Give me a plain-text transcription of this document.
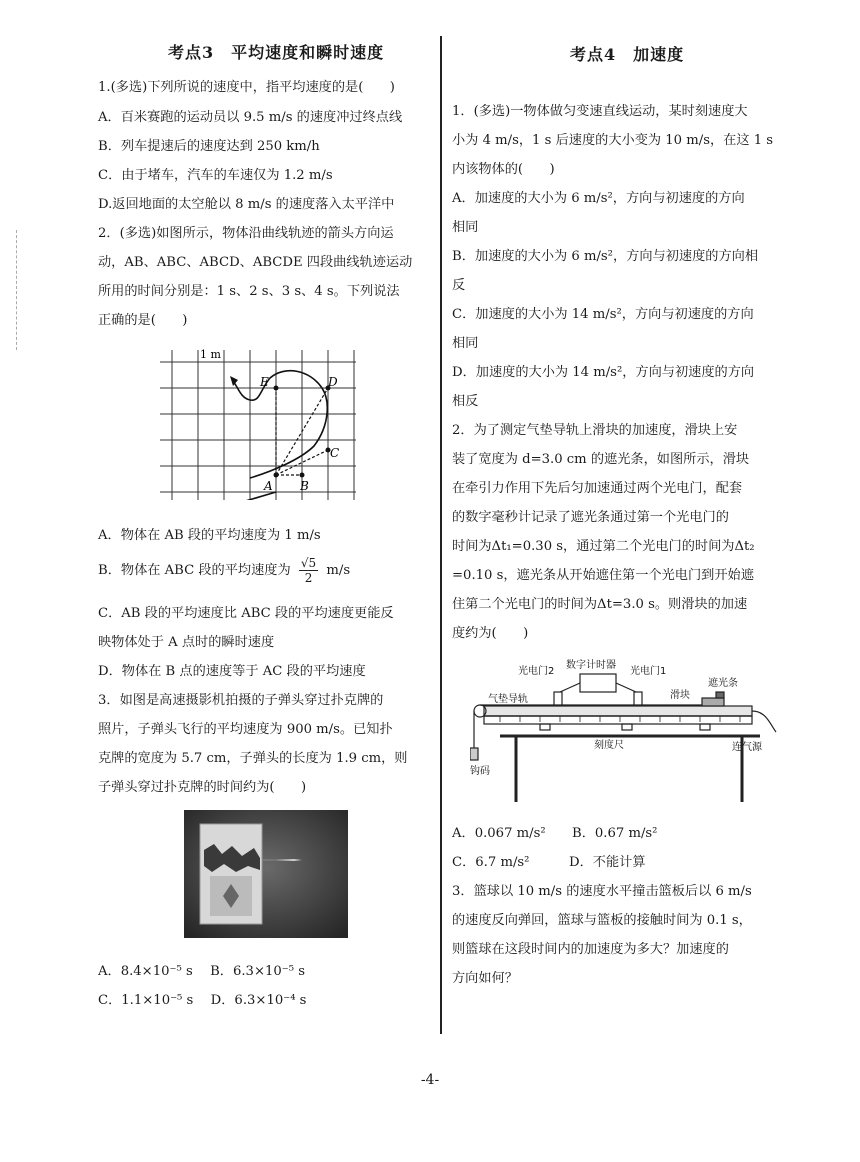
考点3　平均速度和瞬时速度
1.(多选)下列所说的速度中，指平均速度的是(　　)
A．百米赛跑的运动员以 9.5 m/s 的速度冲过终点线
B．列车提速后的速度达到 250 km/h
C．由于堵车，汽车的车速仅为 1.2 m/s
D.返回地面的太空舱以 8 m/s 的速度落入太平洋中
2．(多选)如图所示，物体沿曲线轨迹的箭头方向运
动，AB、ABC、ABCD、ABCDE 四段曲线轨迹运动
所用的时间分别是：1 s、2 s、3 s、4 s。下列说法
正确的是(　　)
1 m
A B
C
D
E
A．物体在 AB 段的平均速度为 1 m/s
B．物体在 ABC 段的平均速度为 $\frac{√5}{2} m/s$
C．AB 段的平均速度比 ABC 段的平均速度更能反
映物体处于 A 点时的瞬时速度
D．物体在 B 点的速度等于 AC 段的平均速度
3．如图是高速摄影机拍摄的子弹头穿过扑克牌的
照片，子弹头飞行的平均速度为 900 m/s。已知扑
克牌的宽度为 5.7 cm，子弹头的长度为 1.9 cm，则
子弹头穿过扑克牌的时间约为(　　)
A．8.4×10⁻⁵ s　 B．6.3×10⁻⁵ s
C．1.1×10⁻⁵ s　 D．6.3×10⁻⁴ s
考点4　加速度
1．(多选)一物体做匀变速直线运动，某时刻速度大
小为 4 m/s，1 s 后速度的大小变为 10 m/s，在这 1 s
内该物体的(　　)
A．加速度的大小为 6 m/s²，方向与初速度的方向
相同
B．加速度的大小为 6 m/s²，方向与初速度的方向相
反
C．加速度的大小为 14 m/s²，方向与初速度的方向
相同
D．加速度的大小为 14 m/s²，方向与初速度的方向
相反
2．为了测定气垫导轨上滑块的加速度，滑块上安
装了宽度为 d=3.0 cm 的遮光条，如图所示，滑块
在牵引力作用下先后匀加速通过两个光电门，配套
的数字毫秒计记录了遮光条通过第一个光电门的
时间为Δt₁=0.30 s，通过第二个光电门的时间为Δt₂
=0.10 s，遮光条从开始遮住第一个光电门到开始遮
住第二个光电门的时间为Δt=3.0 s。则滑块的加速
度约为(　　)
光电门2
数字计时器
光电门1
气垫导轨	滑块
遮光条
刻度尺	连气源
钩码
A．0.067 m/s²　　B．0.67 m/s²
C．6.7 m/s²　　　D．不能计算
3．篮球以 10 m/s 的速度水平撞击篮板后以 6 m/s
的速度反向弹回，篮球与篮板的接触时间为 0.1 s，
则篮球在这段时间内的加速度为多大？加速度的
方向如何？
-4-
